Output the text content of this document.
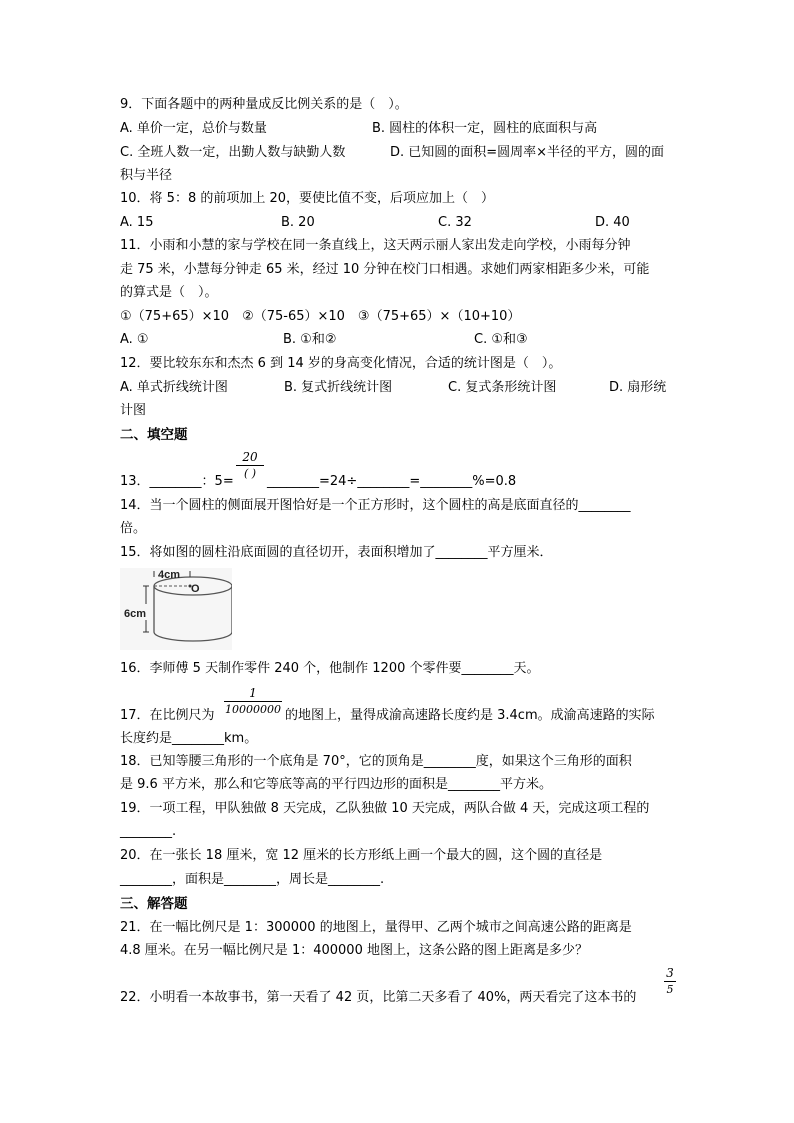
9．下面各题中的两种量成反比例关系的是（　）。
A. 单价一定，总价与数量	B. 圆柱的体积一定，圆柱的底面积与高
C. 全班人数一定，出勤人数与缺勤人数	D. 已知圆的面积=圆周率×半径的平方，圆的面
积与半径
10．将 5：8 的前项加上 20，要使比值不变，后项应加上（　）
A. 15	B. 20	C. 32	D. 40
11．小雨和小慧的家与学校在同一条直线上，这天两示丽人家出发走向学校，小雨每分钟
走 75 米，小慧每分钟走 65 米，经过 10 分钟在校门口相遇。求她们两家相距多少米，可能
的算式是（　）。
①（75+65）×10　②（75-65）×10　③（75+65）×（10+10）
A. ①	B. ①和②	C. ①和③
12．要比较东东和杰杰 6 到 14 岁的身高变化情况，合适的统计图是（　）。
A. 单式折线统计图	B. 复式折线统计图	C. 复式条形统计图	D. 扇形统
计图
二、填空题
13．________：5=
20
( )
________=24÷________=________%=0.8
14．当一个圆柱的侧面展开图恰好是一个正方形时，这个圆柱的高是底面直径的________
倍。
15．将如图的圆柱沿底面圆的直径切开，表面积增加了________平方厘米．
4cm
O
6cm
16．李师傅 5 天制作零件 240 个，他制作 1200 个零件要________天。
1
10000000
17．在比例尺为	的地图上，量得成渝高速路长度约是 3.4cm。成渝高速路的实际
长度约是________km。
18．已知等腰三角形的一个底角是 70°，它的顶角是________度，如果这个三角形的面积
是 9.6 平方米，那么和它等底等高的平行四边形的面积是________平方米。
19．一项工程，甲队独做 8 天完成，乙队独做 10 天完成，两队合做 4 天，完成这项工程的
________.
20．在一张长 18 厘米，宽 12 厘米的长方形纸上画一个最大的圆，这个圆的直径是
________，面积是________，周长是________.
三、解答题
21．在一幅比例尺是 1：300000 的地图上，量得甲、乙两个城市之间高速公路的距离是
4.8 厘米。在另一幅比例尺是 1：400000 地图上，这条公路的图上距离是多少？
22．小明看一本故事书，第一天看了 42 页，比第二天多看了 40%，两天看完了这本书的
3
5
